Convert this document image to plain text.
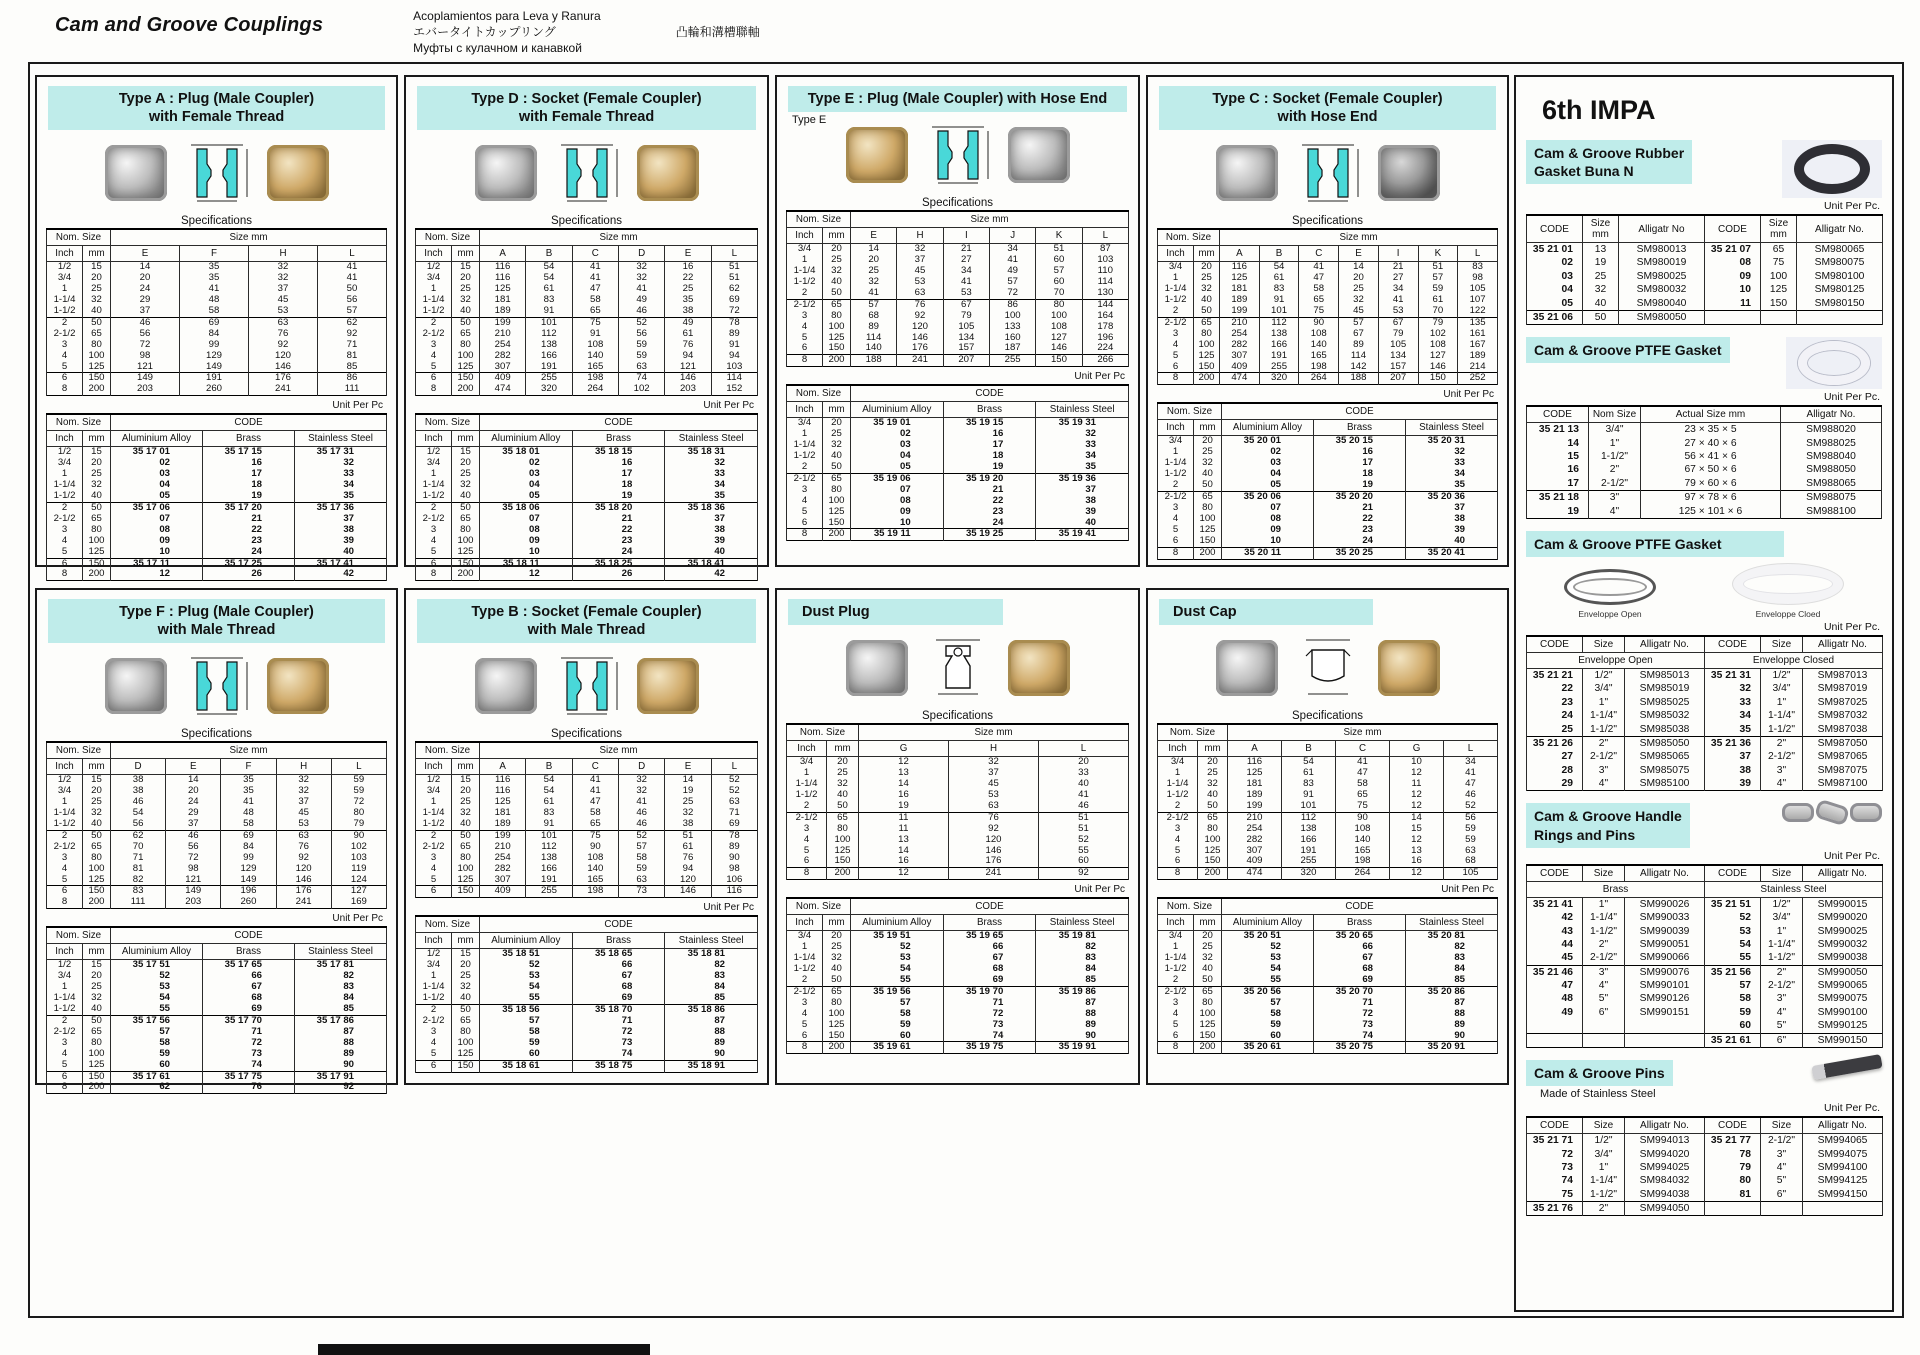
Cam and Groove Couplings	Acoplamientos para Leva y Ranura
エバータイトカップリング	凸輪和溝槽聯軸
Муфты с кулачном и канавкой
Type A : Plug (Male Coupler)
with Female Thread
Specifications
Nom. Size		Size mm			
Inch	mm	E	F	H	L
1/2	15	14	35	32	41
3/4	20	20	35	32	41
1	25	24	41	37	50
1-1/4	32	29	48	45	56
1-1/2	40	37	58	53	57
2	50	46	69	63	62
2-1/2	65	56	84	76	92
3	80	72	99	92	71
4	100	98	129	120	81
5	125	121	149	146	85
6	150	149	191	176	86
8	200	203	260	241	111
Unit Per Pc
Nom. Size		CODE		
Inch	mm	Aluminium Alloy	Brass	Stainless Steel
1/2	15	35 17 01	35 17 15	35 17 31
3/4	20	02	16	32
1	25	03	17	33
1-1/4	32	04	18	34
1-1/2	40	05	19	35
2	50	35 17 06	35 17 20	35 17 36
2-1/2	65	07	21	37
3	80	08	22	38
4	100	09	23	39
5	125	10	24	40
6	150	35 17 11	35 17 25	35 17 41
8	200	12	26	42
Type D : Socket (Female Coupler)
with Female Thread
Specifications
Nom. Size		Size mm					
Inch	mm	A	B	C	D	E	L
1/2	15	116	54	41	32	16	51
3/4	20	116	54	41	32	22	51
1	25	125	61	47	41	25	62
1-1/4	32	181	83	58	49	35	69
1-1/2	40	189	91	65	46	38	72
2	50	199	101	75	52	49	78
2-1/2	65	210	112	91	56	61	89
3	80	254	138	108	59	76	91
4	100	282	166	140	59	94	94
5	125	307	191	165	63	121	103
6	150	409	255	198	74	146	114
8	200	474	320	264	102	203	152
Unit Per Pc
Nom. Size		CODE		
Inch	mm	Aluminium Alloy	Brass	Stainless Steel
1/2	15	35 18 01	35 18 15	35 18 31
3/4	20	02	16	32
1	25	03	17	33
1-1/4	32	04	18	34
1-1/2	40	05	19	35
2	50	35 18 06	35 18 20	35 18 36
2-1/2	65	07	21	37
3	80	08	22	38
4	100	09	23	39
5	125	10	24	40
6	150	35 18 11	35 18 25	35 18 41
8	200	12	26	42
Type E : Plug (Male Coupler) with Hose End
Type E
Specifications
Nom. Size		Size mm					
Inch	mm	E	H	I	J	K	L
3/4	20	14	32	21	34	51	87
1	25	20	37	27	41	60	103
1-1/4	32	25	45	34	49	57	110
1-1/2	40	32	53	41	57	60	114
2	50	41	63	53	72	70	130
2-1/2	65	57	76	67	86	80	144
3	80	68	92	79	100	100	164
4	100	89	120	105	133	108	178
5	125	114	146	134	160	127	196
6	150	140	176	157	187	146	224
8	200	188	241	207	255	150	266
Unit Per Pc
Nom. Size		CODE		
Inch	mm	Aluminium Alloy	Brass	Stainless Steel
3/4	20	35 19 01	35 19 15	35 19 31
1	25	02	16	32
1-1/4	32	03	17	33
1-1/2	40	04	18	34
2	50	05	19	35
2-1/2	65	35 19 06	35 19 20	35 19 36
3	80	07	21	37
4	100	08	22	38
5	125	09	23	39
6	150	10	24	40
8	200	35 19 11	35 19 25	35 19 41
Type C : Socket (Female Coupler)
with Hose End
Specifications
Nom. Size		Size mm						
Inch	mm	A	B	C	E	I	K	L
3/4	20	116	54	41	14	21	51	83
1	25	125	61	47	20	27	57	98
1-1/4	32	181	83	58	25	34	59	105
1-1/2	40	189	91	65	32	41	61	107
2	50	199	101	75	45	53	70	122
2-1/2	65	210	112	90	57	67	79	135
3	80	254	138	108	67	79	102	161
4	100	282	166	140	89	105	108	167
5	125	307	191	165	114	134	127	189
6	150	409	255	198	142	157	146	214
8	200	474	320	264	188	207	150	252
Unit Per Pc
Nom. Size		CODE		
Inch	mm	Aluminium Alloy	Brass	Stainless Steel
3/4	20	35 20 01	35 20 15	35 20 31
1	25	02	16	32
1-1/4	32	03	17	33
1-1/2	40	04	18	34
2	50	05	19	35
2-1/2	65	35 20 06	35 20 20	35 20 36
3	80	07	21	37
4	100	08	22	38
5	125	09	23	39
6	150	10	24	40
8	200	35 20 11	35 20 25	35 20 41
Type F : Plug (Male Coupler)
with Male Thread
Specifications
Nom. Size		Size mm				
Inch	mm	D	E	F	H	L
1/2	15	38	14	35	32	59
3/4	20	38	20	35	32	59
1	25	46	24	41	37	72
1-1/4	32	54	29	48	45	80
1-1/2	40	56	37	58	53	79
2	50	62	46	69	63	90
2-1/2	65	70	56	84	76	102
3	80	71	72	99	92	103
4	100	81	98	129	120	119
5	125	82	121	149	146	124
6	150	83	149	196	176	127
8	200	111	203	260	241	169
Unit Per Pc
Nom. Size		CODE		
Inch	mm	Aluminium Alloy	Brass	Stainless Steel
1/2	15	35 17 51	35 17 65	35 17 81
3/4	20	52	66	82
1	25	53	67	83
1-1/4	32	54	68	84
1-1/2	40	55	69	85
2	50	35 17 56	35 17 70	35 17 86
2-1/2	65	57	71	87
3	80	58	72	88
4	100	59	73	89
5	125	60	74	90
6	150	35 17 61	35 17 75	35 17 91
8	200	62	76	92
Type B : Socket (Female Coupler)
with Male Thread
Specifications
Nom. Size		Size mm					
Inch	mm	A	B	C	D	E	L
1/2	15	116	54	41	32	14	52
3/4	20	116	54	41	32	19	52
1	25	125	61	47	41	25	63
1-1/4	32	181	83	58	46	32	71
1-1/2	40	189	91	65	46	38	69
2	50	199	101	75	52	51	78
2-1/2	65	210	112	90	57	61	89
3	80	254	138	108	58	76	90
4	100	282	166	140	59	94	98
5	125	307	191	165	63	120	106
6	150	409	255	198	73	146	116
Unit Per Pc
Nom. Size		CODE		
Inch	mm	Aluminium Alloy	Brass	Stainless Steel
1/2	15	35 18 51	35 18 65	35 18 81
3/4	20	52	66	82
1	25	53	67	83
1-1/4	32	54	68	84
1-1/2	40	55	69	85
2	50	35 18 56	35 18 70	35 18 86
2-1/2	65	57	71	87
3	80	58	72	88
4	100	59	73	89
5	125	60	74	90
6	150	35 18 61	35 18 75	35 18 91
Dust Plug
Specifications
Nom. Size		Size mm		
Inch	mm	G	H	L
3/4	20	12	32	20
1	25	13	37	33
1-1/4	32	14	45	40
1-1/2	40	16	53	41
2	50	19	63	46
2-1/2	65	11	76	51
3	80	11	92	51
4	100	13	120	52
5	125	14	146	55
6	150	16	176	60
8	200	12	241	92
Unit Per Pc
Nom. Size		CODE		
Inch	mm	Aluminium Alloy	Brass	Stainless Steel
3/4	20	35 19 51	35 19 65	35 19 81
1	25	52	66	82
1-1/4	32	53	67	83
1-1/2	40	54	68	84
2	50	55	69	85
2-1/2	65	35 19 56	35 19 70	35 19 86
3	80	57	71	87
4	100	58	72	88
5	125	59	73	89
6	150	60	74	90
8	200	35 19 61	35 19 75	35 19 91
Dust Cap
Specifications
Nom. Size		Size mm				
Inch	mm	A	B	C	G	L
3/4	20	116	54	41	10	34
1	25	125	61	47	12	41
1-1/4	32	181	83	58	11	47
1-1/2	40	189	91	65	12	46
2	50	199	101	75	12	52
2-1/2	65	210	112	90	14	56
3	80	254	138	108	15	59
4	100	282	166	140	12	59
5	125	307	191	165	13	63
6	150	409	255	198	16	68
8	200	474	320	264	12	105
Unit Pen Pc
Nom. Size		CODE		
Inch	mm	Aluminium Alloy	Brass	Stainless Steel
3/4	20	35 20 51	35 20 65	35 20 81
1	25	52	66	82
1-1/4	32	53	67	83
1-1/2	40	54	68	84
2	50	55	69	85
2-1/2	65	35 20 56	35 20 70	35 20 86
3	80	57	71	87
4	100	58	72	88
5	125	59	73	89
6	150	60	74	90
8	200	35 20 61	35 20 75	35 20 91
6th IMPA
Cam & Groove Rubber
Gasket Buna N
Unit Per Pc.
CODE	Size mm	Alligatr No	CODE	Size mm	Alligatr No.
35 21 01	13	SM980013	35 21 07	65	SM980065
02	19	SM980019	08	75	SM980075
03	25	SM980025	09	100	SM980100
04	32	SM980032	10	125	SM980125
05	40	SM980040	11	150	SM980150
35 21 06	50	SM980050			
Cam & Groove PTFE Gasket
Unit Per Pc.
CODE	Nom Size	Actual Size mm	Alligatr No.
35 21 13	3/4"	23 × 35 × 5	SM988020
14	1"	27 × 40 × 6	SM988025
15	1-1/2"	56 × 41 × 6	SM988040
16	2"	67 × 50 × 6	SM988050
17	2-1/2"	79 × 60 × 6	SM988065
35 21 18	3"	97 × 78 × 6	SM988075
19	4"	125 × 101 × 6	SM988100
Cam & Groove PTFE Gasket
Enveloppe Open	Enveloppe Cloed
Unit Per Pc.
CODE	Size	Alligatr No.	CODE	Size	Alligatr No.
Enveloppe Open			Enveloppe Closed		
35 21 21	1/2"	SM985013	35 21 31	1/2"	SM987013
22	3/4"	SM985019	32	3/4"	SM987019
23	1"	SM985025	33	1"	SM987025
24	1-1/4"	SM985032	34	1-1/4"	SM987032
25	1-1/2"	SM985038	35	1-1/2"	SM987038
35 21 26	2"	SM985050	35 21 36	2"	SM987050
27	2-1/2"	SM985065	37	2-1/2"	SM987065
28	3"	SM985075	38	3"	SM987075
29	4"	SM985100	39	4"	SM987100
Cam & Groove Handle
Rings and Pins
Unit Per Pc.
CODE	Size	Alligatr No.	CODE	Size	Alligatr No.
Brass			Stainless Steel		
35 21 41	1"	SM990026	35 21 51	1/2"	SM990015
42	1-1/4"	SM990033	52	3/4"	SM990020
43	1-1/2"	SM990039	53	1"	SM990025
44	2"	SM990051	54	1-1/4"	SM990032
45	2-1/2"	SM990066	55	1-1/2"	SM990038
35 21 46	3"	SM990076	35 21 56	2"	SM990050
47	4"	SM990101	57	2-1/2"	SM990065
48	5"	SM990126	58	3"	SM990075
49	6"	SM990151	59	4"	SM990100
			60	5"	SM990125
			35 21 61	6"	SM990150
Cam & Groove Pins
Made of Stainless Steel
Unit Per Pc.
CODE	Size	Alligatr No.	CODE	Size	Alligatr No.
35 21 71	1/2"	SM994013	35 21 77	2-1/2"	SM994065
72	3/4"	SM994020	78	3"	SM994075
73	1"	SM994025	79	4"	SM994100
74	1-1/4"	SM984032	80	5"	SM994125
75	1-1/2"	SM994038	81	6"	SM994150
35 21 76	2"	SM994050			
